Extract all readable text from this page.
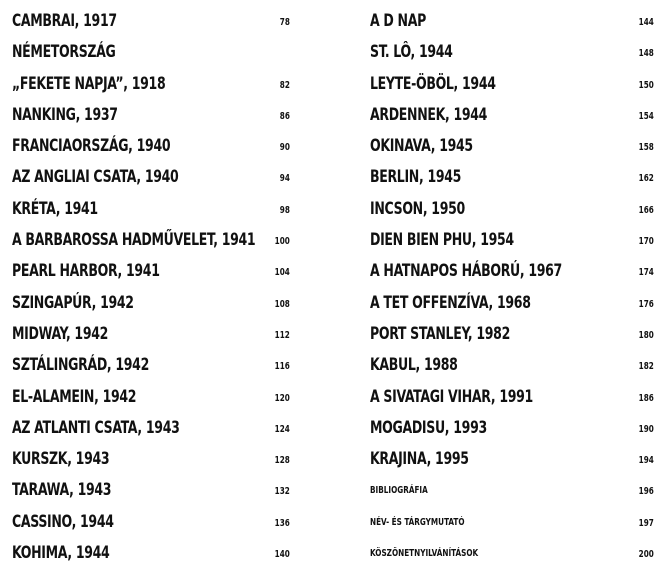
CAMBRAI, 1917	78
NÉMETORSZÁG
„FEKETE NAPJA”, 1918	82
NANKING, 1937	86
FRANCIAORSZÁG, 1940	90
AZ ANGLIAI CSATA, 1940	94
KRÉTA, 1941	98
A BARBAROSSA HADMŰVELET, 1941 100
PEARL HARBOR, 1941	104
SZINGAPÚR, 1942	108
MIDWAY, 1942	112
SZTÁLINGRÁD, 1942	116
EL-ALAMEIN, 1942	120
AZ ATLANTI CSATA, 1943	124
KURSZK, 1943	128
TARAWA, 1943	132
CASSINO, 1944	136
KOHIMA, 1944	140
A D NAP	144
ST. LÔ, 1944	148
LEYTE-ÖBÖL, 1944	150
ARDENNEK, 1944	154
OKINAVA, 1945	158
BERLIN, 1945	162
INCSON, 1950	166
DIEN BIEN PHU, 1954	170
A HATNAPOS HÁBORÚ, 1967	174
A TET OFFENZÍVA, 1968	176
PORT STANLEY, 1982	180
KABUL, 1988	182
A SIVATAGI VIHAR, 1991	186
MOGADISU, 1993	190
KRAJINA, 1995	194
BIBLIOGRÁFIA	196
NÉV- ÉS TÁRGYMUTATÓ	197
KÖSZÖNETNYILVÁNÍTÁSOK	200
